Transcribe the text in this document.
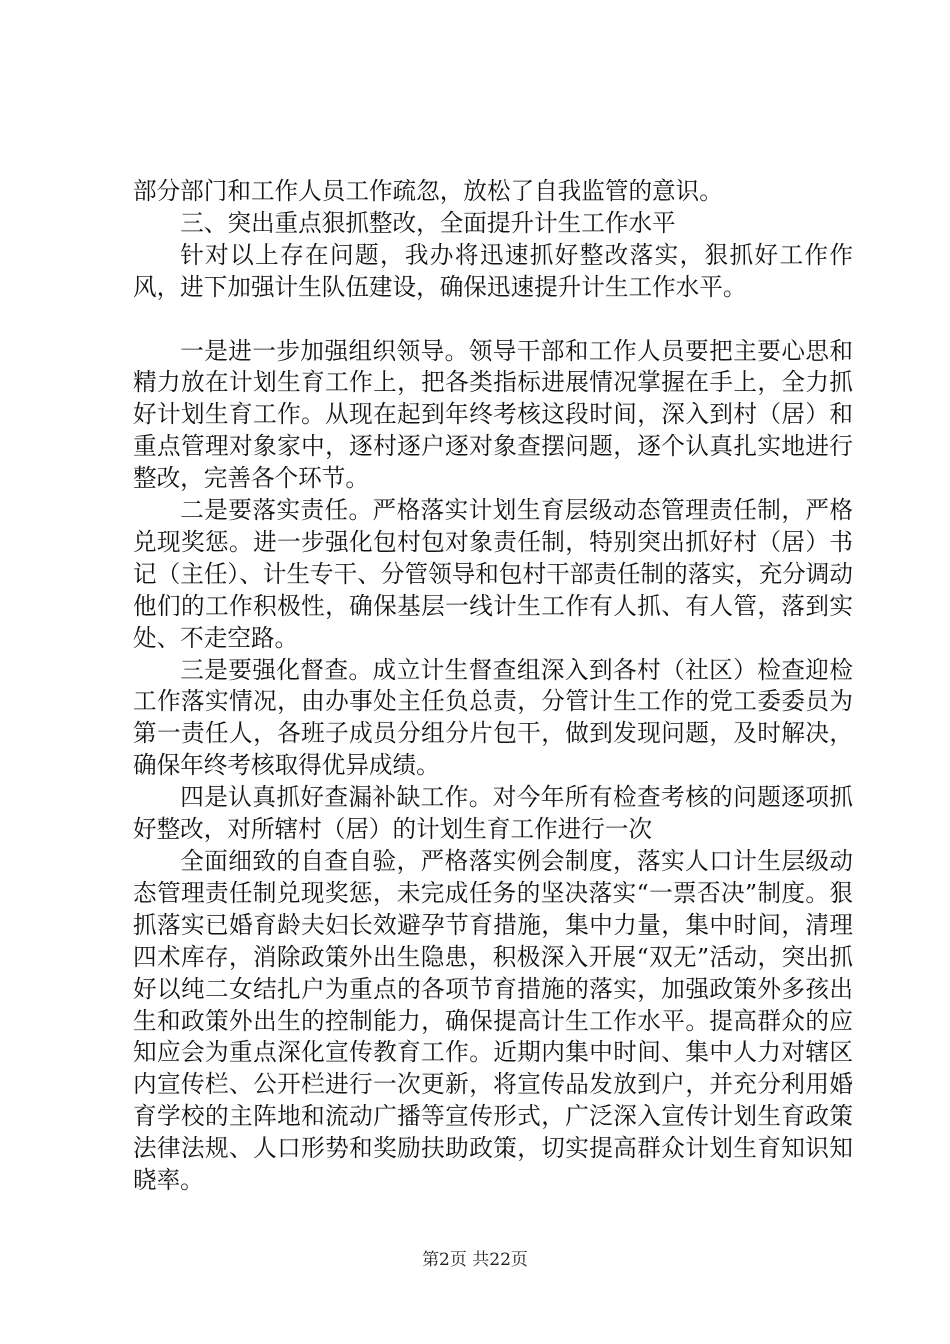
部分部门和工作人员工作疏忽，放松了自我监管的意识。

三、突出重点狠抓整改，全面提升计生工作水平

针对以上存在问题，我办将迅速抓好整改落实，狠抓好工作作风，进下加强计生队伍建设，确保迅速提升计生工作水平。

一是进一步加强组织领导。领导干部和工作人员要把主要心思和精力放在计划生育工作上，把各类指标进展情况掌握在手上，全力抓好计划生育工作。从现在起到年终考核这段时间，深入到村（居）和重点管理对象家中，逐村逐户逐对象查摆问题，逐个认真扎实地进行整改，完善各个环节。

二是要落实责任。严格落实计划生育层级动态管理责任制，严格兑现奖惩。进一步强化包村包对象责任制，特别突出抓好村（居）书记（主任）、计生专干、分管领导和包村干部责任制的落实，充分调动他们的工作积极性，确保基层一线计生工作有人抓、有人管，落到实处、不走空路。

三是要强化督查。成立计生督查组深入到各村（社区）检查迎检工作落实情况，由办事处主任负总责，分管计生工作的党工委委员为第一责任人，各班子成员分组分片包干，做到发现问题，及时解决，确保年终考核取得优异成绩。

四是认真抓好查漏补缺工作。对今年所有检查考核的问题逐项抓好整改，对所辖村（居）的计划生育工作进行一次

全面细致的自查自验，严格落实例会制度，落实人口计生层级动态管理责任制兑现奖惩，未完成任务的坚决落实“一票否决”制度。狠抓落实已婚育龄夫妇长效避孕节育措施，集中力量，集中时间，清理四术库存，消除政策外出生隐患，积极深入开展“双无”活动，突出抓好以纯二女结扎户为重点的各项节育措施的落实，加强政策外多孩出生和政策外出生的控制能力，确保提高计生工作水平。提高群众的应知应会为重点深化宣传教育工作。近期内集中时间、集中人力对辖区内宣传栏、公开栏进行一次更新，将宣传品发放到户，并充分利用婚育学校的主阵地和流动广播等宣传形式，广泛深入宣传计划生育政策法律法规、人口形势和奖励扶助政策，切实提高群众计划生育知识知晓率。

第2页 共22页
